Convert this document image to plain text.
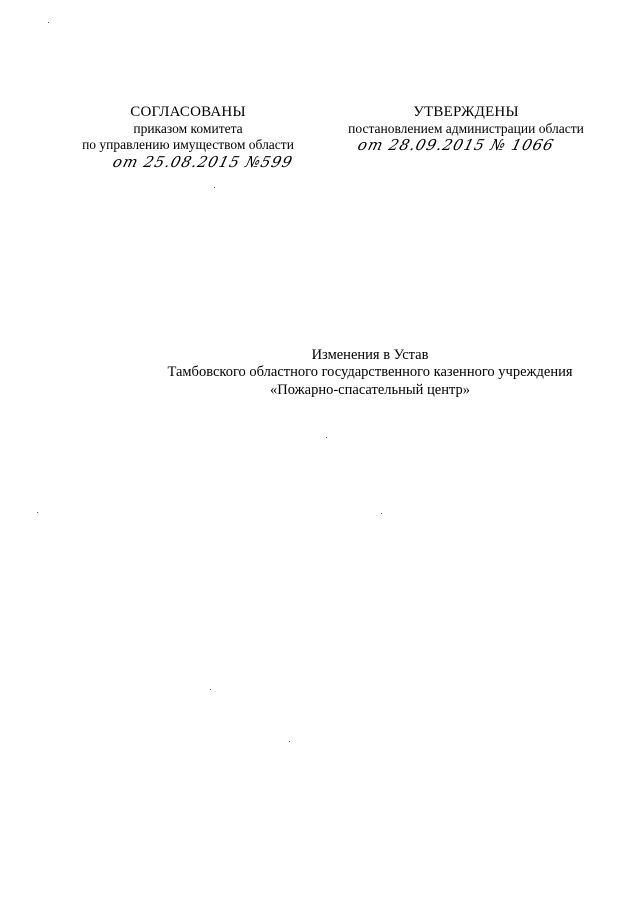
СОГЛАСОВАНЫ
приказом комитета
по управлению имуществом области
от 25.08.2015 №599
УТВЕРЖДЕНЫ
постановлением администрации области
от 28.09.2015 № 1066
Изменения в Устав
Тамбовского областного государственного казенного учреждения
«Пожарно-спасательный центр»
